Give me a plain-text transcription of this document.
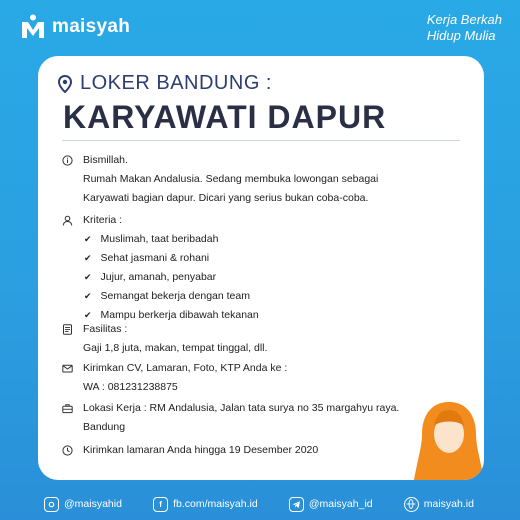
maisyah	Kerja Berkah
Hidup Mulia
LOKER BANDUNG :
KARYAWATI DAPUR
Bismillah.
Rumah Makan Andalusia. Sedang membuka lowongan sebagai
Karyawati bagian dapur. Dicari yang serius bukan coba-coba.
Kriteria :
✔ Muslimah, taat beribadah
✔ Sehat jasmani & rohani
✔ Jujur, amanah, penyabar
✔ Semangat bekerja dengan team
✔ Mampu berkerja dibawah tekanan
Fasilitas :
Gaji 1,8 juta, makan, tempat tinggal, dll.
Kirimkan CV, Lamaran, Foto, KTP Anda ke :
WA : 081231238875
Lokasi Kerja : RM Andalusia, Jalan tata surya no 35 margahyu raya.
Bandung
Kirimkan lamaran Anda hingga 19 Desember 2020
@maisyahid	f	fb.com/maisyah.id	@maisyah_id	maisyah.id
